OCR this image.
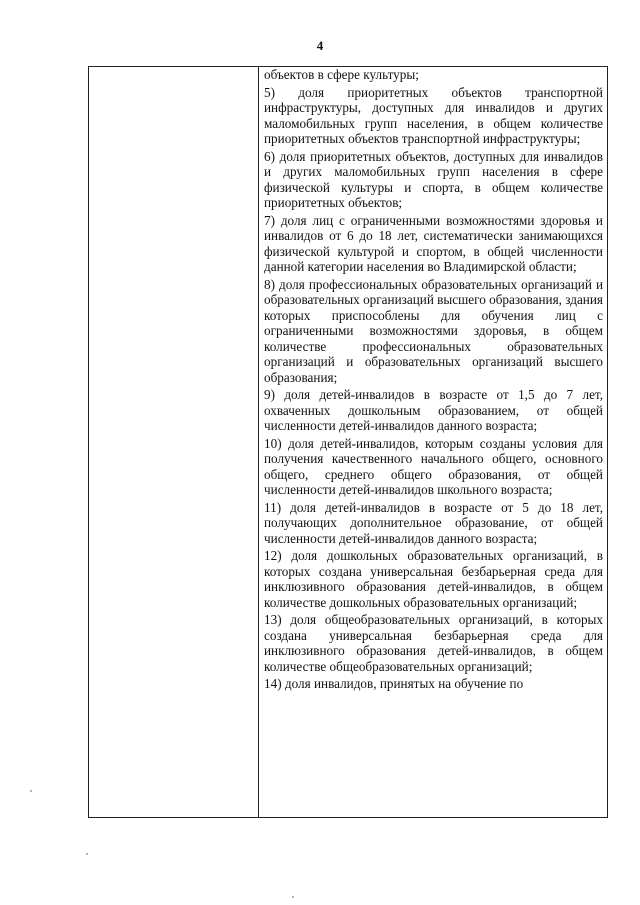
4

объектов в сфере культуры;

5) доля приоритетных объектов транспортной инфраструктуры, доступных для инвалидов и других маломобильных групп населения, в общем количестве приоритетных объектов транспортной инфраструктуры;

6) доля приоритетных объектов, доступных для инвалидов и других маломобильных групп населения в сфере физической культуры и спорта, в общем количестве приоритетных объектов;

7) доля лиц с ограниченными возможностями здоровья и инвалидов от 6 до 18 лет, систематически занимающихся физической культурой и спортом, в общей численности данной категории населения во Владимирской области;

8) доля профессиональных образовательных организаций и образовательных организаций высшего образования, здания которых приспособлены для обучения лиц с ограниченными возможностями здоровья, в общем количестве профессиональных образовательных организаций и образовательных организаций высшего образования;

9) доля детей-инвалидов в возрасте от 1,5 до 7 лет, охваченных дошкольным образованием, от общей численности детей-инвалидов данного возраста;

10) доля детей-инвалидов, которым созданы условия для получения качественного начального общего, основного общего, среднего общего образования, от общей численности детей-инвалидов школьного возраста;

11) доля детей-инвалидов в возрасте от 5 до 18 лет, получающих дополнительное образование, от общей численности детей-инвалидов данного возраста;

12) доля дошкольных образовательных организаций, в которых создана универсальная безбарьерная среда для инклюзивного образования детей-инвалидов, в общем количестве дошкольных образовательных организаций;

13) доля общеобразовательных организаций, в которых создана универсальная безбарьерная среда для инклюзивного образования детей-инвалидов, в общем количестве общеобразовательных организаций;

14) доля инвалидов, принятых на обучение по
